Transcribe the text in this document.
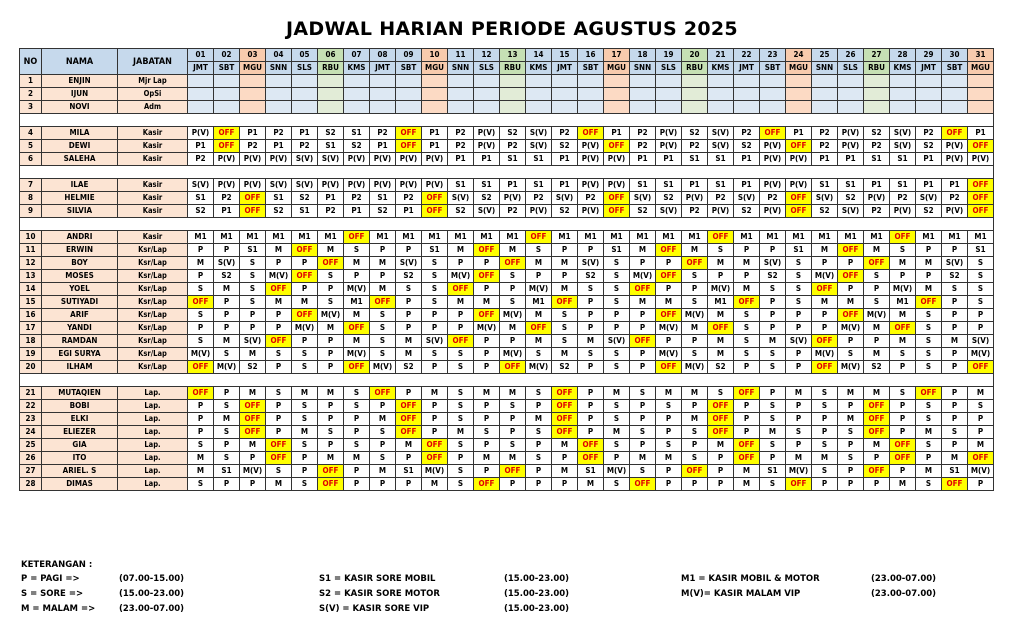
JADWAL HARIAN PERIODE AGUSTUS 2025
NO	NAMA	JABATAN	01	02	03	04	05	06	07	08	09	10	11	12	13	14	15	16	17	18	19	20	21	22	23	24	25	26	27	28	29	30	31
			JMT	SBT	MGU	SNN	SLS	RBU	KMS	JMT	SBT	MGU	SNN	SLS	RBU	KMS	JMT	SBT	MGU	SNN	SLS	RBU	KMS	JMT	SBT	MGU	SNN	SLS	RBU	KMS	JMT	SBT	MGU
1	ENJIN	Mjr Lap																															
2	IJUN	OpSi																															
3	NOVI	Adm																															

4	MILA	Kasir	P(V)	OFF	P1	P2	P1	S2	S1	P2	OFF	P1	P2	P(V)	S2	S(V)	P2	OFF	P1	P2	P(V)	S2	S(V)	P2	OFF	P1	P2	P(V)	S2	S(V)	P2	OFF	P1
5	DEWI	Kasir	P1	OFF	P2	P1	P2	S1	S2	P1	OFF	P1	P2	P(V)	P2	S(V)	S2	P(V)	OFF	P2	P(V)	P2	S(V)	S2	P(V)	OFF	P2	P(V)	P2	S(V)	S2	P(V)	OFF
6	SALEHA	Kasir	P2	P(V)	P(V)	P(V)	S(V)	S(V)	P(V)	P(V)	P(V)	P(V)	P1	P1	S1	S1	P1	P(V)	P(V)	P1	P1	S1	S1	P1	P(V)	P(V)	P1	P1	S1	S1	P1	P(V)	P(V)

7	ILAE	Kasir	S(V)	P(V)	P(V)	S(V)	S(V)	P(V)	P(V)	P(V)	P(V)	P(V)	S1	S1	P1	S1	P1	P(V)	P(V)	S1	S1	P1	S1	P1	P(V)	P(V)	S1	S1	P1	S1	P1	P1	OFF
8	HELMIE	Kasir	S1	P2	OFF	S1	S2	P1	P2	S1	P2	OFF	S(V)	S2	P(V)	P2	S(V)	P2	OFF	S(V)	S2	P(V)	P2	S(V)	P2	OFF	S(V)	S2	P(V)	P2	S(V)	P2	OFF
9	SILVIA	Kasir	S2	P1	OFF	S2	S1	P2	P1	S2	P1	OFF	S2	S(V)	P2	P(V)	S2	P(V)	OFF	S2	S(V)	P2	P(V)	S2	P(V)	OFF	S2	S(V)	P2	P(V)	S2	P(V)	OFF

10	ANDRI	Kasir	M1	M1	M1	M1	M1	M1	OFF	M1	M1	M1	M1	M1	M1	OFF	M1	M1	M1	M1	M1	M1	OFF	M1	M1	M1	M1	M1	M1	OFF	M1	M1	M1
11	ERWIN	Ksr/Lap	P	P	S1	M	OFF	M	S	P	P	S1	M	OFF	M	S	P	P	S1	M	OFF	M	S	P	P	S1	M	OFF	M	S	P	P	S1
12	BOY	Ksr/Lap	M	S(V)	S	P	P	OFF	M	M	S(V)	S	P	P	OFF	M	M	S(V)	S	P	P	OFF	M	M	S(V)	S	P	P	OFF	M	M	S(V)	S
13	MOSES	Ksr/Lap	P	S2	S	M(V)	OFF	S	P	P	S2	S	M(V)	OFF	S	P	P	S2	S	M(V)	OFF	S	P	P	S2	S	M(V)	OFF	S	P	P	S2	S
14	YOEL	Ksr/Lap	S	M	S	OFF	P	P	M(V)	M	S	S	OFF	P	P	M(V)	M	S	S	OFF	P	P	M(V)	M	S	S	OFF	P	P	M(V)	M	S	S
15	SUTIYADI	Ksr/Lap	OFF	P	S	M	M	S	M1	OFF	P	S	M	M	S	M1	OFF	P	S	M	M	S	M1	OFF	P	S	M	M	S	M1	OFF	P	S
16	ARIF	Ksr/Lap	S	P	P	P	OFF	M(V)	M	S	P	P	P	OFF	M(V)	M	S	P	P	P	OFF	M(V)	M	S	P	P	P	OFF	M(V)	M	S	P	P
17	YANDI	Ksr/Lap	P	P	P	P	M(V)	M	OFF	S	P	P	P	M(V)	M	OFF	S	P	P	P	M(V)	M	OFF	S	P	P	P	M(V)	M	OFF	S	P	P
18	RAMDAN	Ksr/Lap	S	M	S(V)	OFF	P	P	M	S	M	S(V)	OFF	P	P	M	S	M	S(V)	OFF	P	P	M	S	M	S(V)	OFF	P	P	M	S	M	S(V)
19	EGI SURYA	Ksr/Lap	M(V)	S	M	S	S	P	M(V)	S	M	S	S	P	M(V)	S	M	S	S	P	M(V)	S	M	S	S	P	M(V)	S	M	S	S	P	M(V)
20	ILHAM	Ksr/Lap	OFF	M(V)	S2	P	S	P	OFF	M(V)	S2	P	S	P	OFF	M(V)	S2	P	S	P	OFF	M(V)	S2	P	S	P	OFF	M(V)	S2	P	S	P	OFF

21	MUTAQIEN	Lap.	OFF	P	M	S	M	M	S	OFF	P	M	S	M	M	S	OFF	P	M	S	M	M	S	OFF	P	M	S	M	M	S	OFF	P	M
22	BOBI	Lap.	P	S	OFF	P	S	P	S	P	OFF	P	S	P	S	P	OFF	P	S	P	S	P	OFF	P	S	P	S	P	OFF	P	S	P	S
23	ELKI	Lap.	P	M	OFF	P	S	P	P	M	OFF	P	S	P	P	M	OFF	P	S	P	P	M	OFF	P	S	P	P	M	OFF	P	S	P	P
24	ELIEZER	Lap.	P	S	OFF	P	M	S	P	S	OFF	P	M	S	P	S	OFF	P	M	S	P	S	OFF	P	M	S	P	S	OFF	P	M	S	P
25	GIA	Lap.	S	P	M	OFF	S	P	S	P	M	OFF	S	P	S	P	M	OFF	S	P	S	P	M	OFF	S	P	S	P	M	OFF	S	P	M
26	ITO	Lap.	M	S	P	OFF	P	M	M	S	P	OFF	P	M	M	S	P	OFF	P	M	M	S	P	OFF	P	M	M	S	P	OFF	P	M	OFF
27	ARIEL. S	Lap.	M	S1	M(V)	S	P	OFF	P	M	S1	M(V)	S	P	OFF	P	M	S1	M(V)	S	P	OFF	P	M	S1	M(V)	S	P	OFF	P	M	S1	M(V)
28	DIMAS	Lap.	S	P	P	M	S	OFF	P	P	P	M	S	OFF	P	P	P	M	S	OFF	P	P	P	M	S	OFF	P	P	P	M	S	OFF	P
KETERANGAN :
P = PAGI =>	(07.00-15.00)
S = SORE =>	(15.00-23.00)
M = MALAM =>	(23.00-07.00)
S1 = KASIR SORE MOBIL	(15.00-23.00)
S2 = KASIR SORE MOTOR	(15.00-23.00)
S(V) = KASIR SORE VIP	(15.00-23.00)
M1 = KASIR MOBIL & MOTOR	(23.00-07.00)
M(V)= KASIR MALAM VIP	(23.00-07.00)
